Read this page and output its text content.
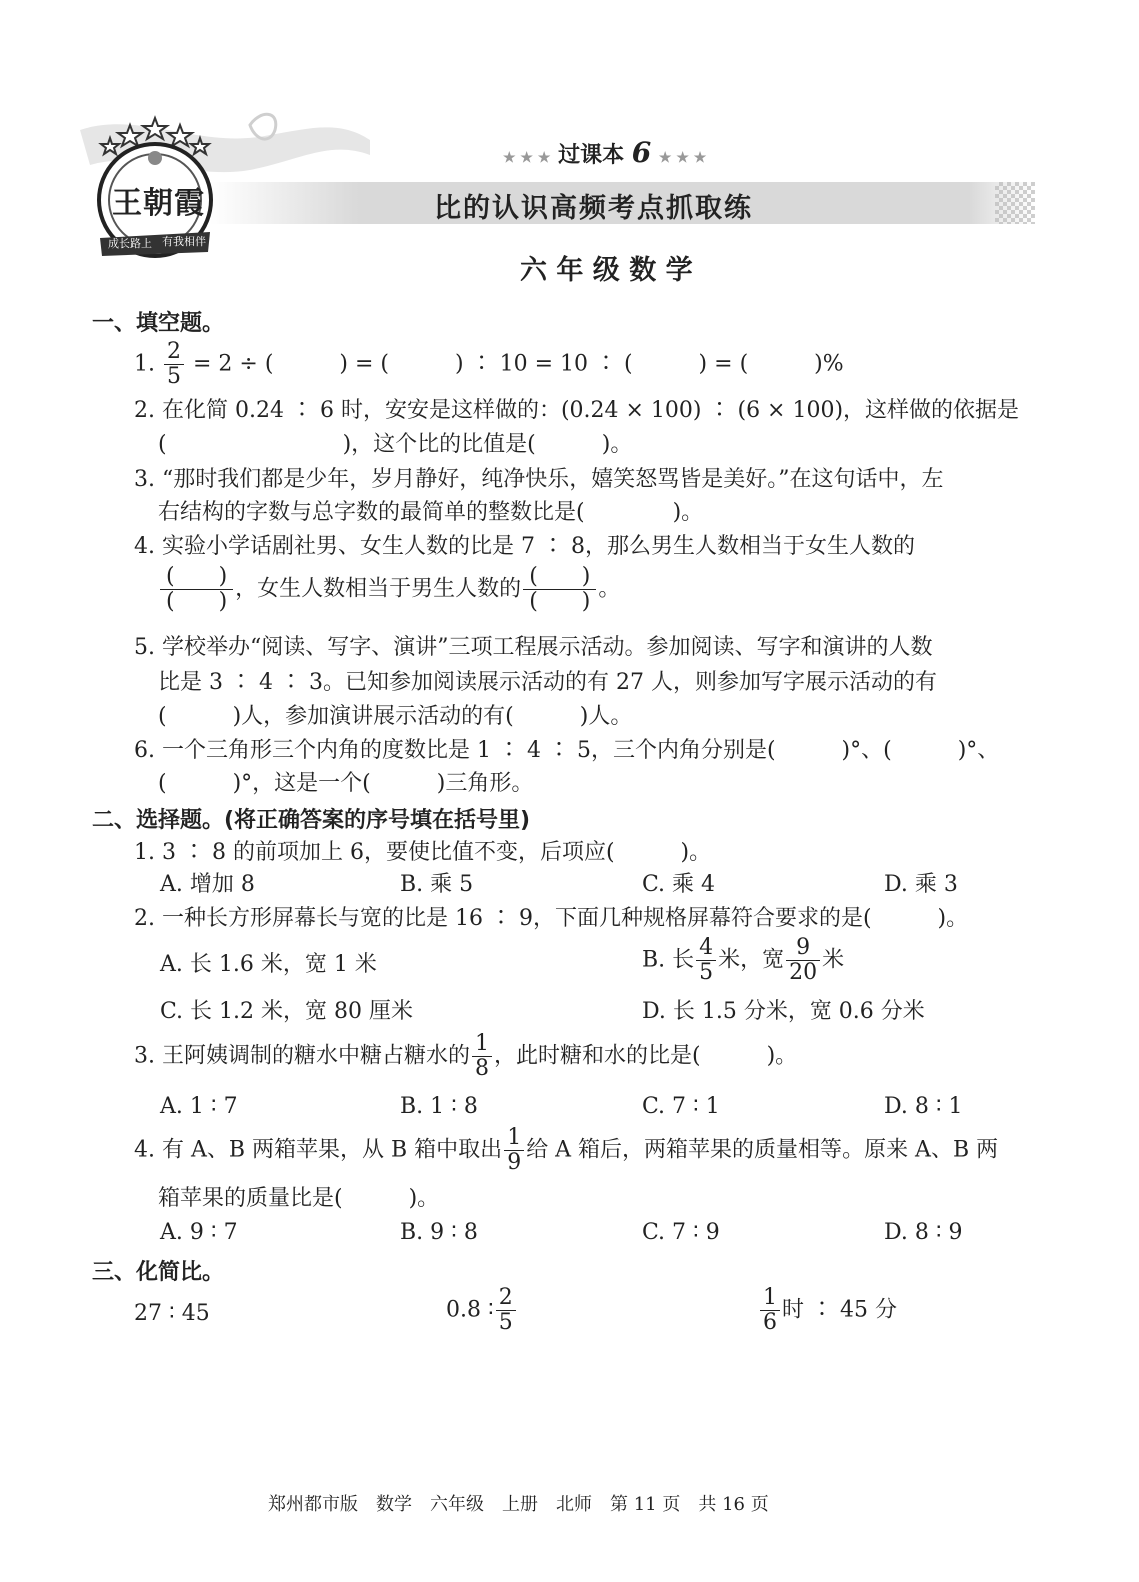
王朝霞
成长路上 有我相伴
★ ★ ★ 过课本 6 ★ ★ ★
比的认识高频考点抓取练
六 年 级 数 学
一、填空题。
1. $\frac{2}{5} = 2$ ÷ (　　　) = (　　　) ∶ 10 = 10 ∶ (　　　) = (　　　)%
2. 在化简 0.24 ∶ 6 时，安安是这样做的：(0.24 × 100) ∶ (6 × 100)，这样做的依据是
(　　　　　　　　)，这个比的比值是(　　　)。
3. “那时我们都是少年，岁月静好，纯净快乐，嬉笑怒骂皆是美好。”在这句话中，左
右结构的字数与总字数的最简单的整数比是(　　　　)。
4. 实验小学话剧社男、女生人数的比是 7 ∶ 8，那么男生人数相当于女生人数的
$\frac{( )}{( )}$ ，女生人数相当于男生人数的 $\frac{( )}{( )}$ 。
5. 学校举办“阅读、写字、演讲”三项工程展示活动。参加阅读、写字和演讲的人数
比是 3 ∶ 4 ∶ 3。已知参加阅读展示活动的有 27 人，则参加写字展示活动的有
(　　　)人，参加演讲展示活动的有(　　　)人。
6. 一个三角形三个内角的度数比是 1 ∶ 4 ∶ 5，三个内角分别是(　　　)°、(　　　)°、
(　　　)°，这是一个(　　　)三角形。
二、选择题。(将正确答案的序号填在括号里)
1. 3 ∶ 8 的前项加上 6，要使比值不变，后项应(　　　)。
A. 增加 8	B. 乘 5	C. 乘 4	D. 乘 3
2. 一种长方形屏幕长与宽的比是 16 ∶ 9，下面几种规格屏幕符合要求的是(　　　)。
A. 长 1.6 米，宽 1 米	B. 长 $\frac{4}{5}$ 米，宽 $\frac{9}{20}$ 米
C. 长 1.2 米，宽 80 厘米	D. 长 1.5 分米，宽 0.6 分米
3. 王阿姨调制的糖水中糖占糖水的 $\frac{1}{8}$ ，此时糖和水的比是(　　　)。
A. 1 ∶ 7	B. 1 ∶ 8	C. 7 ∶ 1	D. 8 ∶ 1
4. 有 A、B 两箱苹果，从 B 箱中取出 $\frac{1}{9}$ 给 A 箱后，两箱苹果的质量相等。原来 A、B 两
箱苹果的质量比是(　　　)。
A. 9 ∶ 7	B. 9 ∶ 8	C. 7 ∶ 9	D. 8 ∶ 9
三、化简比。
27 ∶ 45	0.8 ∶ $\frac{2}{5}$	$\frac{1}{6}$ 时 ∶ 45 分
郑州都市版　数学　六年级　上册　北师　第 11 页　共 16 页
